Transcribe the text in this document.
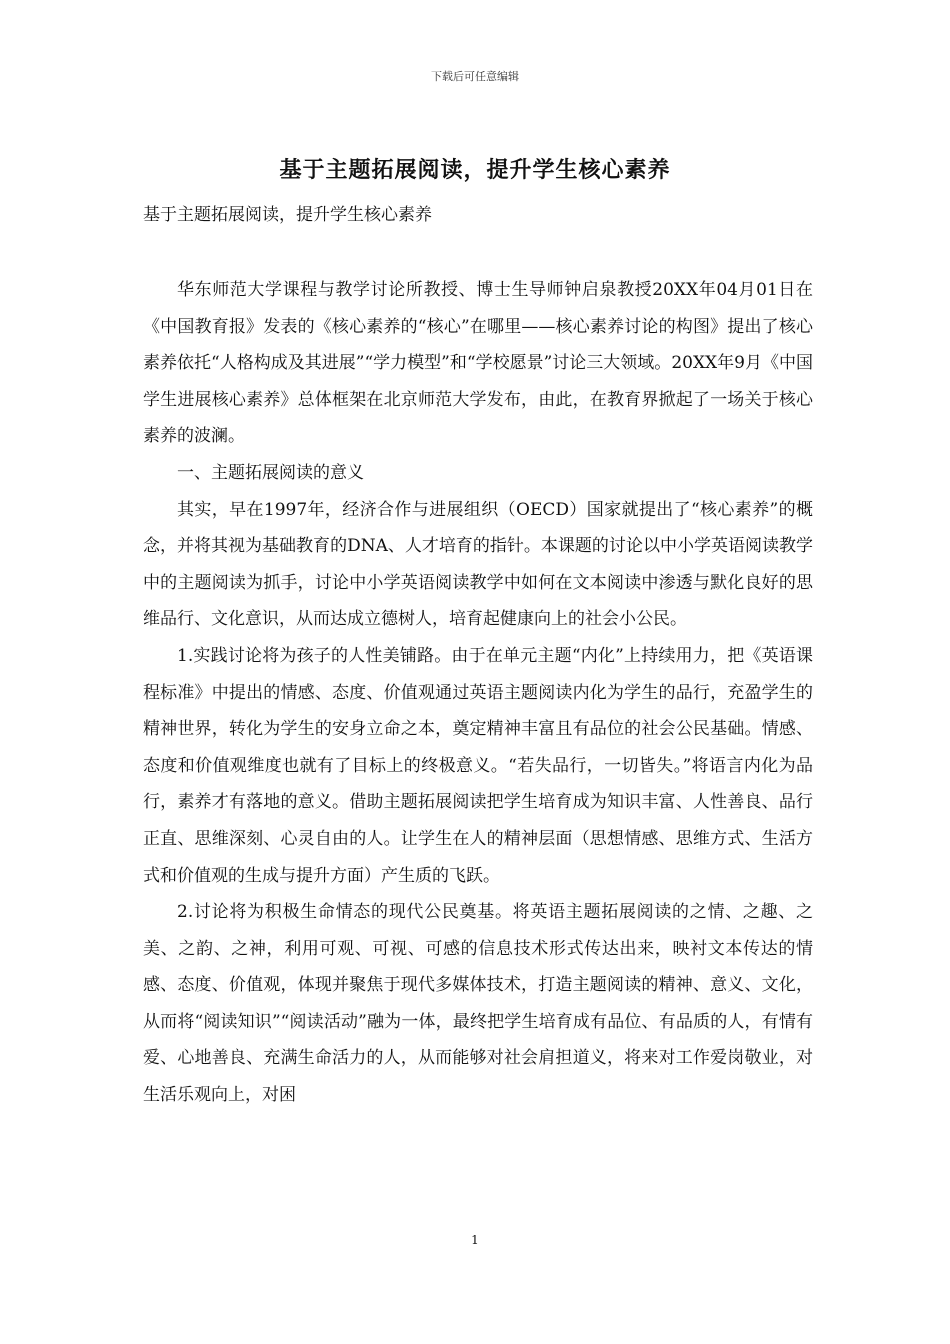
下载后可任意编辑
基于主题拓展阅读，提升学生核心素养
基于主题拓展阅读，提升学生核心素养

华东师范大学课程与教学讨论所教授、博士生导师钟启泉教授20XX年04月01日在《中国教育报》发表的《核心素养的“核心”在哪里——核心素养讨论的构图》提出了核心素养依托“人格构成及其进展”“学力模型”和“学校愿景”讨论三大领域。20XX年9月《中国学生进展核心素养》总体框架在北京师范大学发布，由此，在教育界掀起了一场关于核心素养的波澜。

一、主题拓展阅读的意义

其实，早在1997年，经济合作与进展组织（OECD）国家就提出了“核心素养”的概念，并将其视为基础教育的DNA、人才培育的指针。本课题的讨论以中小学英语阅读教学中的主题阅读为抓手，讨论中小学英语阅读教学中如何在文本阅读中渗透与默化良好的思维品行、文化意识，从而达成立德树人，培育起健康向上的社会小公民。

1.实践讨论将为孩子的人性美铺路。由于在单元主题“内化”上持续用力，把《英语课程标准》中提出的情感、态度、价值观通过英语主题阅读内化为学生的品行，充盈学生的精神世界，转化为学生的安身立命之本，奠定精神丰富且有品位的社会公民基础。情感、态度和价值观维度也就有了目标上的终极意义。“若失品行，一切皆失。”将语言内化为品行，素养才有落地的意义。借助主题拓展阅读把学生培育成为知识丰富、人性善良、品行正直、思维深刻、心灵自由的人。让学生在人的精神层面（思想情感、思维方式、生活方式和价值观的生成与提升方面）产生质的飞跃。

2.讨论将为积极生命情态的现代公民奠基。将英语主题拓展阅读的之情、之趣、之美、之韵、之神，利用可观、可视、可感的信息技术形式传达出来，映衬文本传达的情感、态度、价值观，体现并聚焦于现代多媒体技术，打造主题阅读的精神、意义、文化，从而将“阅读知识”“阅读活动”融为一体，最终把学生培育成有品位、有品质的人，有情有爱、心地善良、充满生命活力的人，从而能够对社会肩担道义，将来对工作爱岗敬业，对生活乐观向上，对困

1
